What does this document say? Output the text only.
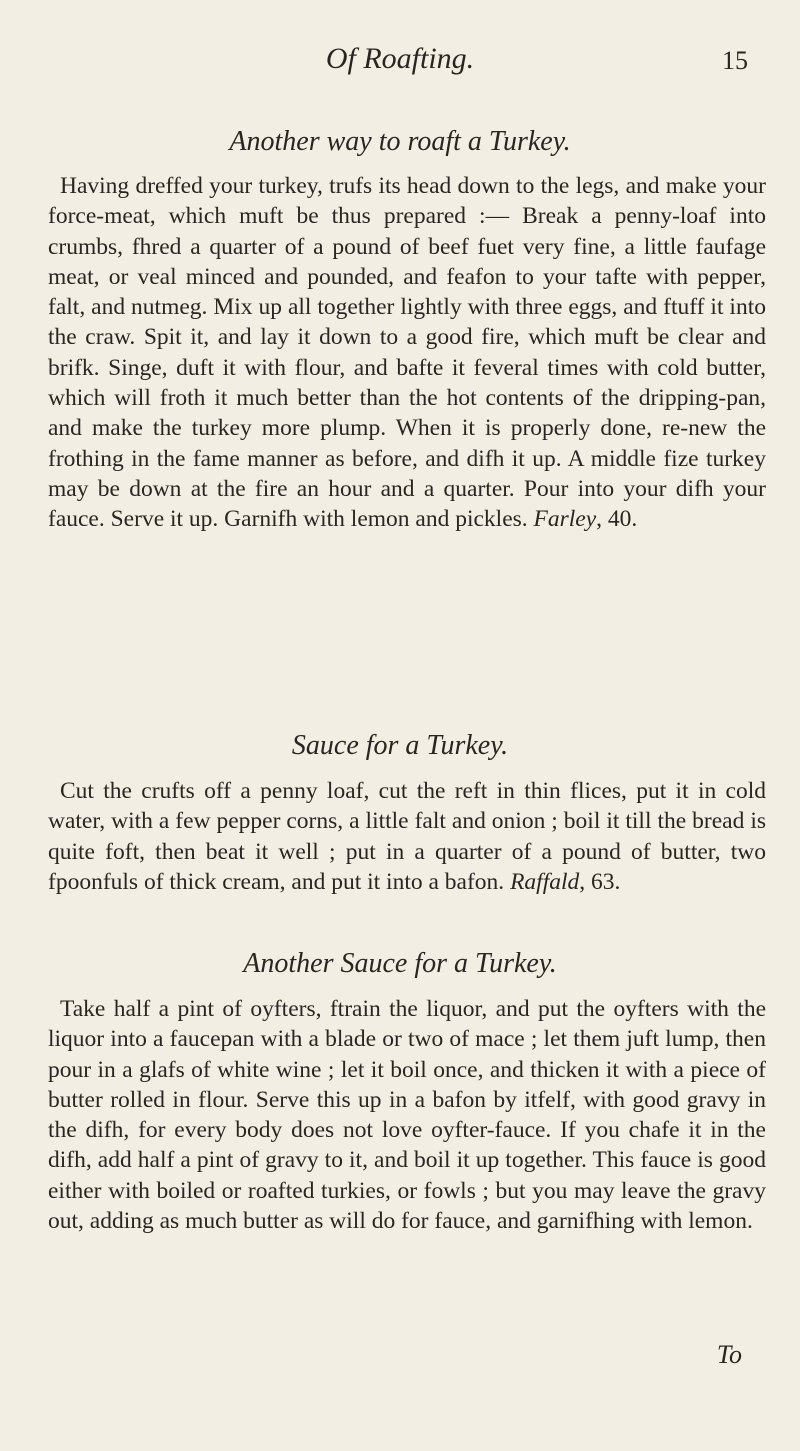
Of Roafting.	15
Another way to roaft a Turkey.

Having dreffed your turkey, trufs its head down to the legs, and make your force-meat, which muft be thus prepared :— Break a penny-loaf into crumbs, fhred a quarter of a pound of beef fuet very fine, a little faufage meat, or veal minced and pounded, and feafon to your tafte with pepper, falt, and nutmeg. Mix up all together lightly with three eggs, and ftuff it into the craw. Spit it, and lay it down to a good fire, which muft be clear and brifk. Singe, duft it with flour, and bafte it feveral times with cold butter, which will froth it much better than the hot contents of the dripping-pan, and make the turkey more plump. When it is properly done, re-new the frothing in the fame manner as before, and difh it up. A middle fize turkey may be down at the fire an hour and a quarter. Pour into your difh your fauce. Serve it up. Garnifh with lemon and pickles. Farley, 40.

Sauce for a Turkey.

Cut the crufts off a penny loaf, cut the reft in thin flices, put it in cold water, with a few pepper corns, a little falt and onion ; boil it till the bread is quite foft, then beat it well ; put in a quarter of a pound of butter, two fpoonfuls of thick cream, and put it into a bafon. Raffald, 63.

Another Sauce for a Turkey.

Take half a pint of oyfters, ftrain the liquor, and put the oyfters with the liquor into a faucepan with a blade or two of mace ; let them juft lump, then pour in a glafs of white wine ; let it boil once, and thicken it with a piece of butter rolled in flour. Serve this up in a bafon by itfelf, with good gravy in the difh, for every body does not love oyfter-fauce. If you chafe it in the difh, add half a pint of gravy to it, and boil it up together. This fauce is good either with boiled or roafted turkies, or fowls ; but you may leave the gravy out, adding as much butter as will do for fauce, and garnifhing with lemon.

To
